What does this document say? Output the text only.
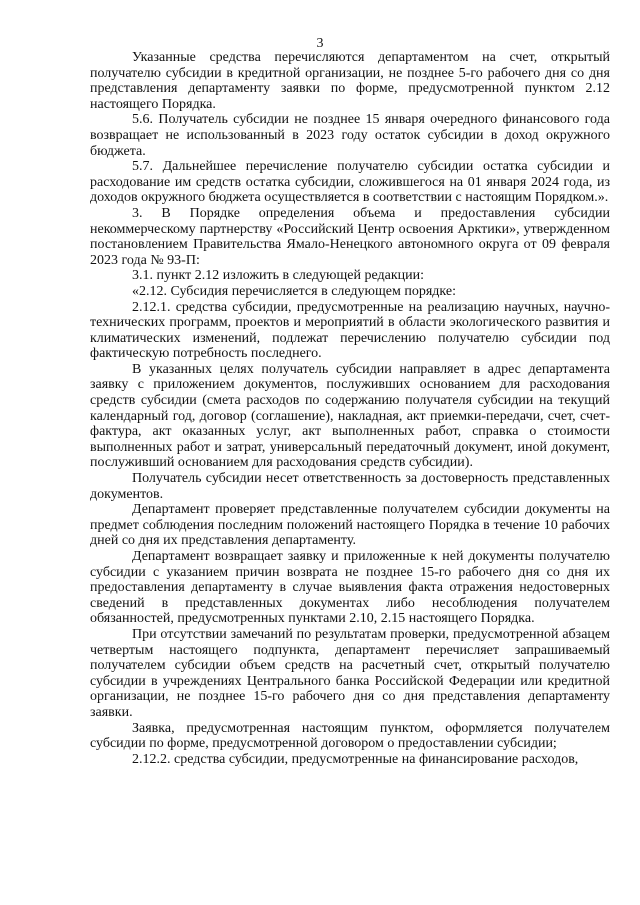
3

Указанные средства перечисляются департаментом на счет, открытый получателю субсидии в кредитной организации, не позднее 5-го рабочего дня со дня представления департаменту заявки по форме, предусмотренной пунктом 2.12 настоящего Порядка.

5.6. Получатель субсидии не позднее 15 января очередного финансового года возвращает не использованный в 2023 году остаток субсидии в доход окружного бюджета.

5.7. Дальнейшее перечисление получателю субсидии остатка субсидии и расходование им средств остатка субсидии, сложившегося на 01 января 2024 года, из доходов окружного бюджета осуществляется в соответствии с настоящим Порядком.».

3. В Порядке определения объема и предоставления субсидии некоммерческому партнерству «Российский Центр освоения Арктики», утвержденном постановлением Правительства Ямало-Ненецкого автономного округа от 09 февраля 2023 года № 93-П:

3.1. пункт 2.12 изложить в следующей редакции:

«2.12. Субсидия перечисляется в следующем порядке:

2.12.1. средства субсидии, предусмотренные на реализацию научных, научно-технических программ, проектов и мероприятий в области экологического развития и климатических изменений, подлежат перечислению получателю субсидии под фактическую потребность последнего.

В указанных целях получатель субсидии направляет в адрес департамента заявку с приложением документов, послуживших основанием для расходования средств субсидии (смета расходов по содержанию получателя субсидии на текущий календарный год, договор (соглашение), накладная, акт приемки-передачи, счет, счет-фактура, акт оказанных услуг, акт выполненных работ, справка о стоимости выполненных работ и затрат, универсальный передаточный документ, иной документ, послуживший основанием для расходования средств субсидии).

Получатель субсидии несет ответственность за достоверность представленных документов.

Департамент проверяет представленные получателем субсидии документы на предмет соблюдения последним положений настоящего Порядка в течение 10 рабочих дней со дня их представления департаменту.

Департамент возвращает заявку и приложенные к ней документы получателю субсидии с указанием причин возврата не позднее 15-го рабочего дня со дня их предоставления департаменту в случае выявления факта отражения недостоверных сведений в представленных документах либо несоблюдения получателем обязанностей, предусмотренных пунктами 2.10, 2.15 настоящего Порядка.

При отсутствии замечаний по результатам проверки, предусмотренной абзацем четвертым настоящего подпункта, департамент перечисляет запрашиваемый получателем субсидии объем средств на расчетный счет, открытый получателю субсидии в учреждениях Центрального банка Российской Федерации или кредитной организации, не позднее 15-го рабочего дня со дня представления департаменту заявки.

Заявка, предусмотренная настоящим пунктом, оформляется получателем субсидии по форме, предусмотренной договором о предоставлении субсидии;

2.12.2. средства субсидии, предусмотренные на финансирование расходов,
